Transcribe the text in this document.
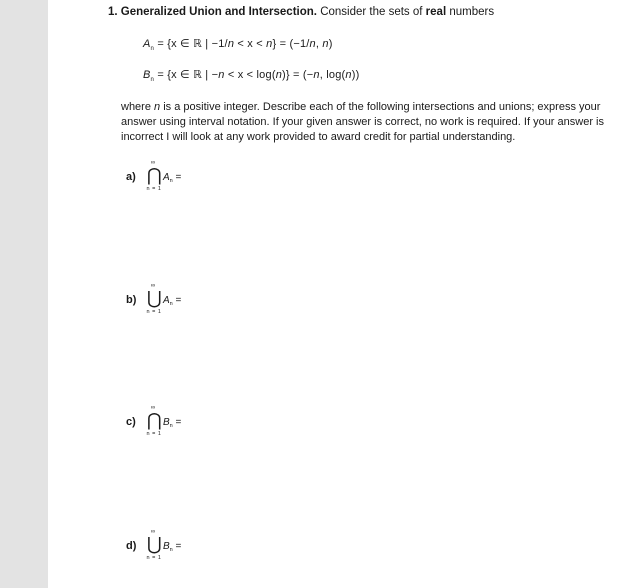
1. Generalized Union and Intersection. Consider the sets of real numbers
$A_n = \{x$ ∈ ℝ | −1/n < x < n} = (−1/n, n)
$B_n = \{x$ ∈ ℝ | −n < x < log(n)} = (−n, log(n))
where n is a positive integer. Describe each of the following intersections and unions; express your answer using interval notation. If your given answer is correct, no work is required. If your answer is incorrect I will look at any work provided to award credit for partial understanding.
a)
∞
⋂
n = 1
$A_n$ =
b)
∞
⋃
n = 1
$A_n$ =
c)
∞
⋂
n = 1
$B_n$ =
d)
∞
⋃
n = 1
$B_n$ =
